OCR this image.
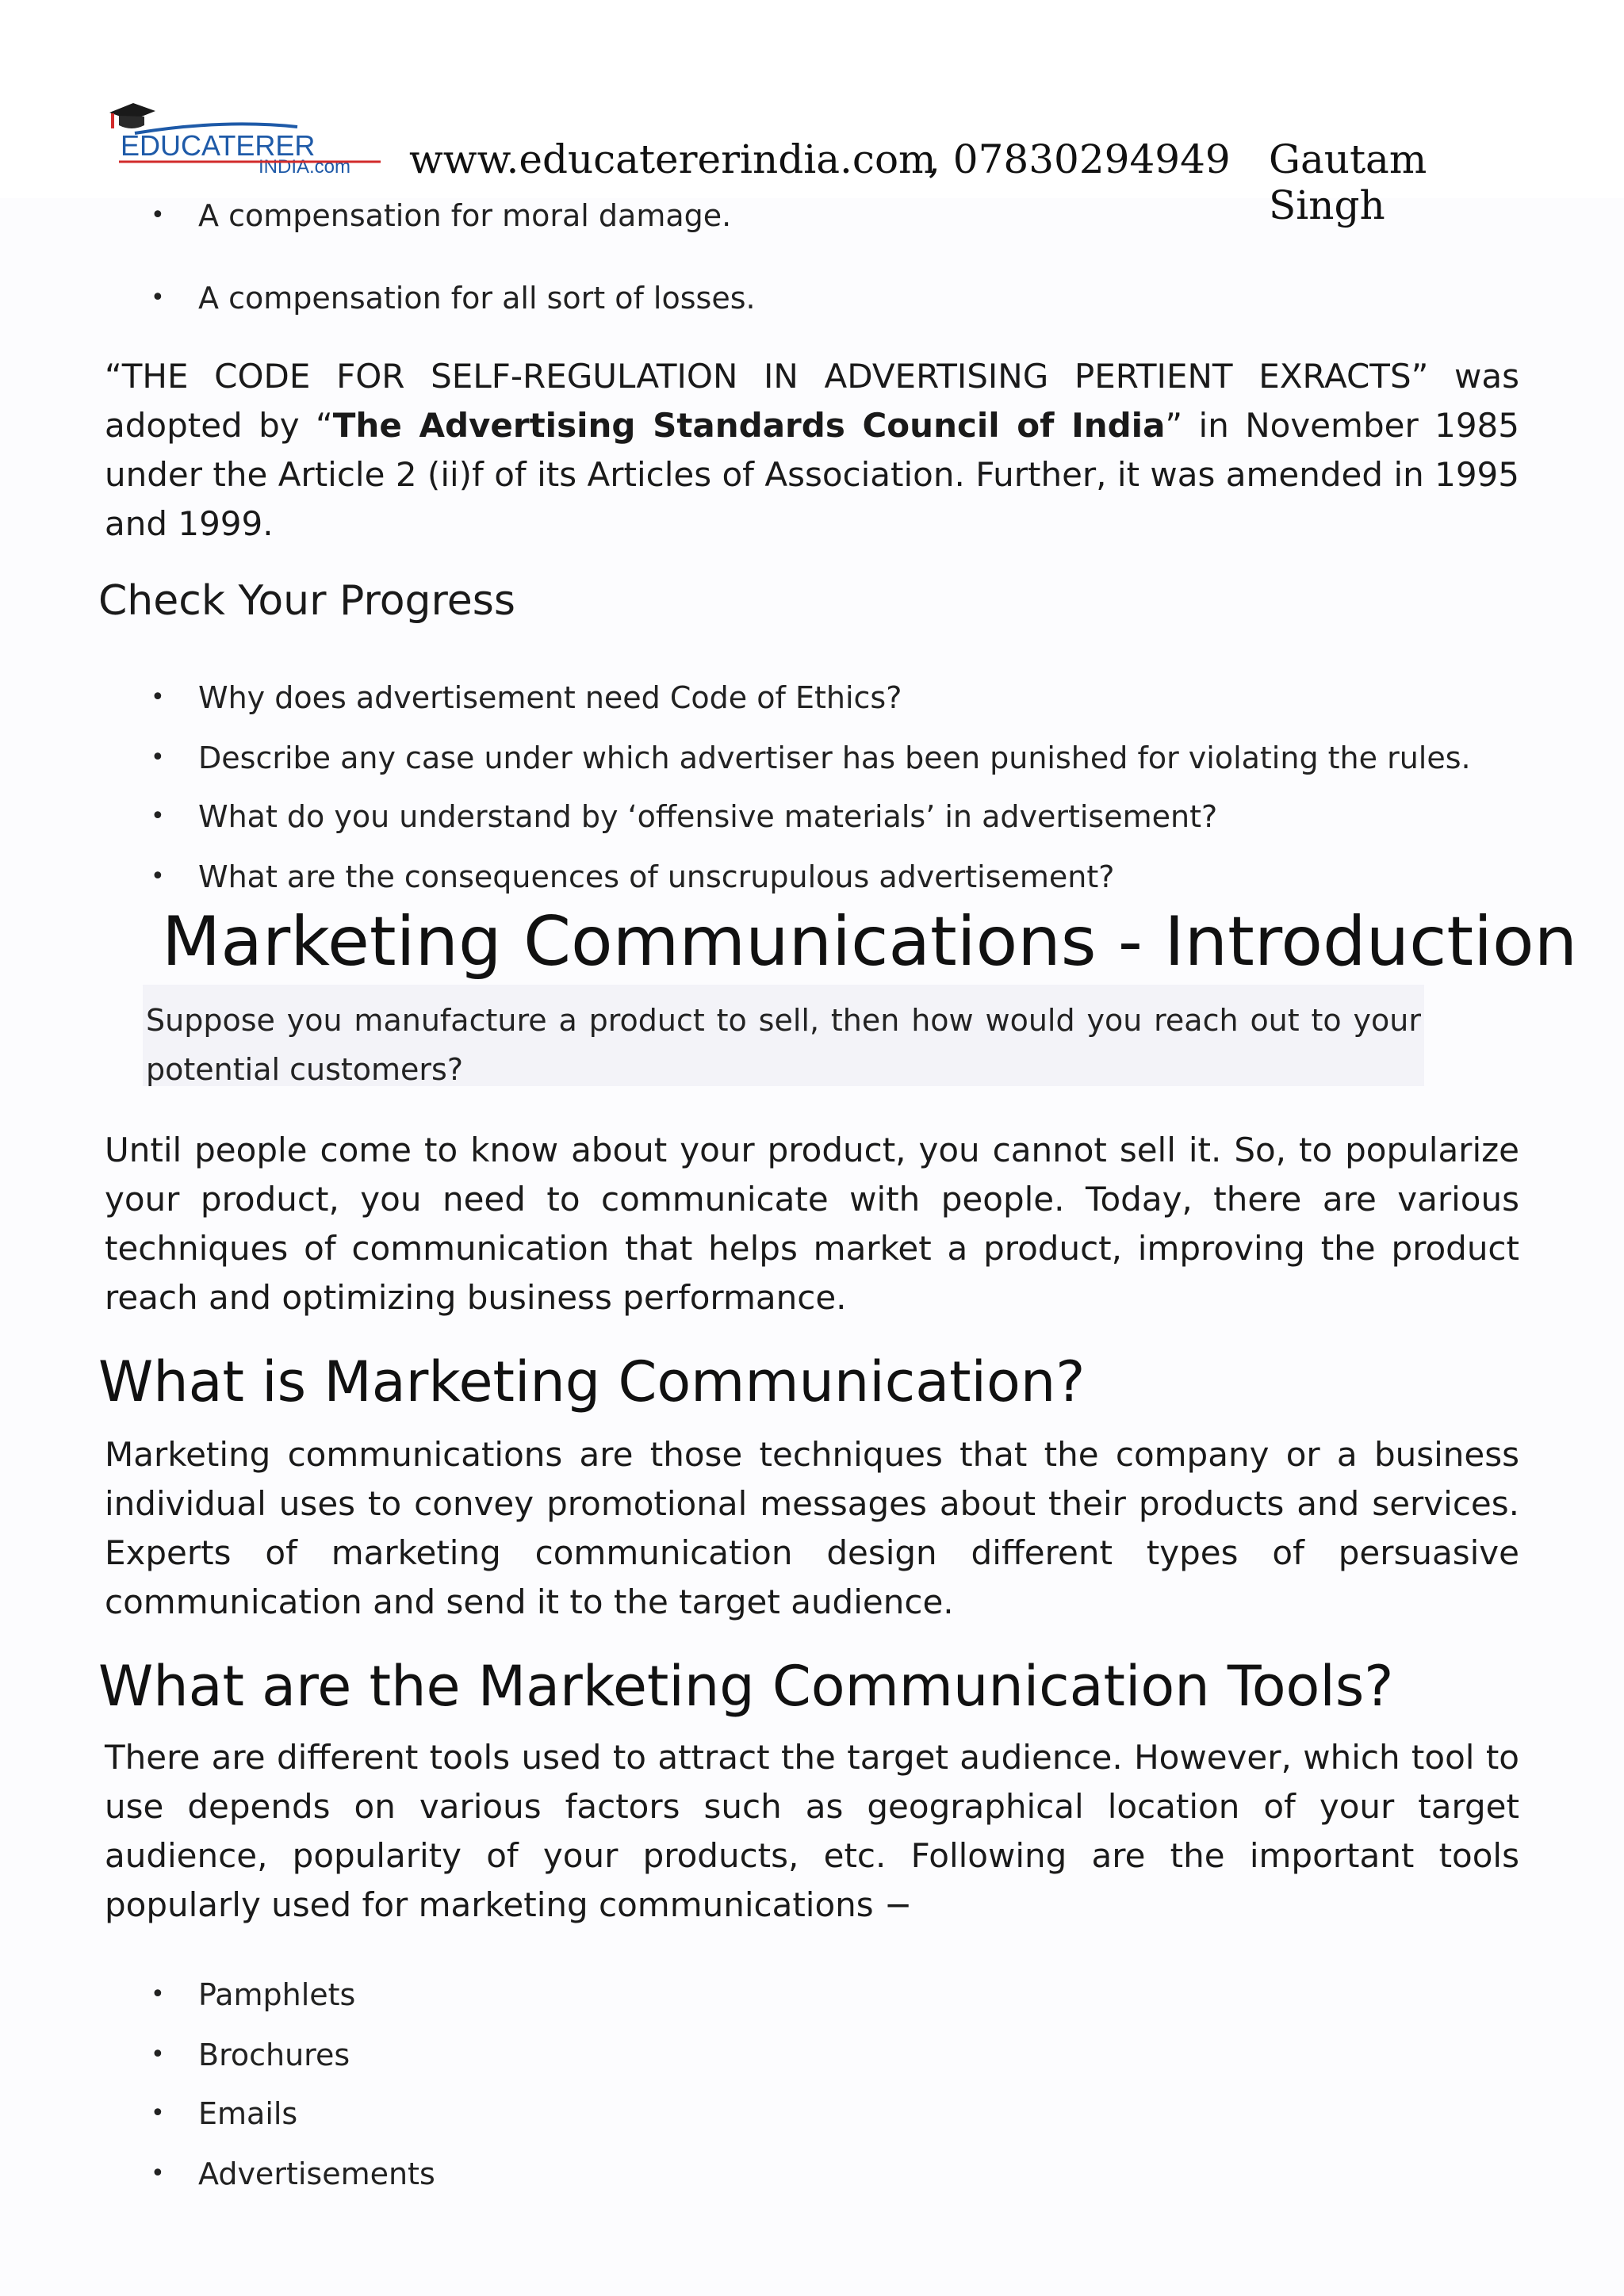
EDUCATERER
INDIA.com www.educatererindia.com
, 07830294949 Gautam Singh
• A compensation for moral damage.
• A compensation for all sort of losses.
“THE CODE FOR SELF-REGULATION IN ADVERTISING PERTIENT EXRACTS” was adopted by “The Advertising Standards Council of India” in November 1985 under the Article 2 (ii)f of its Articles of Association. Further, it was amended in 1995 and 1999.
Check Your Progress
• Why does advertisement need Code of Ethics?
• Describe any case under which advertiser has been punished for violating the rules.
• What do you understand by ‘offensive materials’ in advertisement?
• What are the consequences of unscrupulous advertisement?
Marketing Communications - Introduction
Suppose you manufacture a product to sell, then how would you reach out to your potential customers?
Until people come to know about your product, you cannot sell it. So, to popularize your product, you need to communicate with people. Today, there are various techniques of communication that helps market a product, improving the product reach and optimizing business performance.
What is Marketing Communication?
Marketing communications are those techniques that the company or a business individual uses to convey promotional messages about their products and services. Experts of marketing communication design different types of persuasive communication and send it to the target audience.
What are the Marketing Communication Tools?
There are different tools used to attract the target audience. However, which tool to use depends on various factors such as geographical location of your target audience, popularity of your products, etc. Following are the important tools popularly used for marketing communications −
• Pamphlets
• Brochures
• Emails
• Advertisements
